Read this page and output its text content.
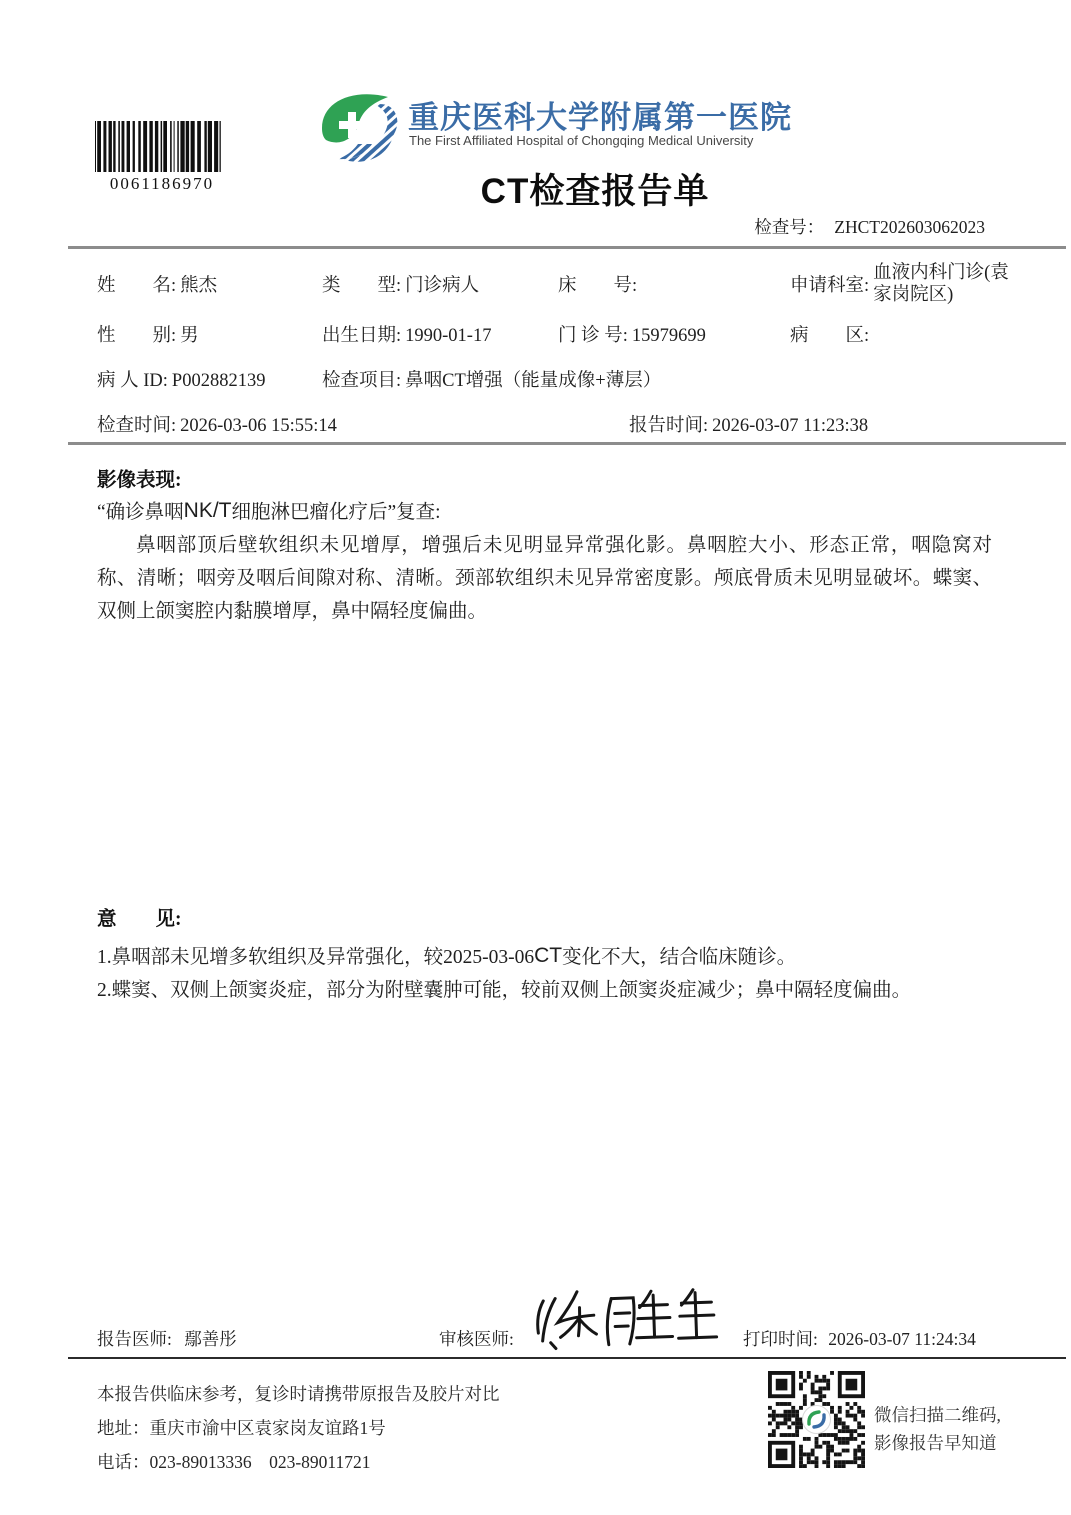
0061186970
重庆医科大学附属第一医院
The First Affiliated Hospital of Chongqing Medical University
CT检查报告单
检查号： ZHCT202603062023
姓　　名: 熊杰	类　　型: 门诊病人	床　　号:	申请科室:
血液内科门诊(袁家岗院区)
性　　别: 男	出生日期: 1990-01-17	门 诊 号: 15979699	病　　区:
病 人 ID: P002882139	检查项目: 鼻咽CT增强（能量成像+薄层）
检查时间: 2026-03-06 15:55:14	报告时间: 2026-03-07 11:23:38
影像表现:
“确诊鼻咽NK/T细胞淋巴瘤化疗后”复查:
鼻咽部顶后壁软组织未见增厚，增强后未见明显异常强化影。鼻咽腔大小、形态正常，咽隐窝对称、清晰；咽旁及咽后间隙对称、清晰。颈部软组织未见异常密度影。颅底骨质未见明显破坏。蝶窦、双侧上颌窦腔内黏膜增厚，鼻中隔轻度偏曲。
意　　见:
1.鼻咽部未见增多软组织及异常强化，较2025-03-06CT变化不大，结合临床随诊。
2.蝶窦、双侧上颌窦炎症，部分为附壁囊肿可能，较前双侧上颌窦炎症减少；鼻中隔轻度偏曲。
报告医师: 鄢善彤	审核医师:	打印时间: 2026-03-07 11:24:34
本报告供临床参考，复诊时请携带原报告及胶片对比
地址：重庆市渝中区袁家岗友谊路1号
电话：023-89013336    023-89011721
微信扫描二维码,
影像报告早知道
